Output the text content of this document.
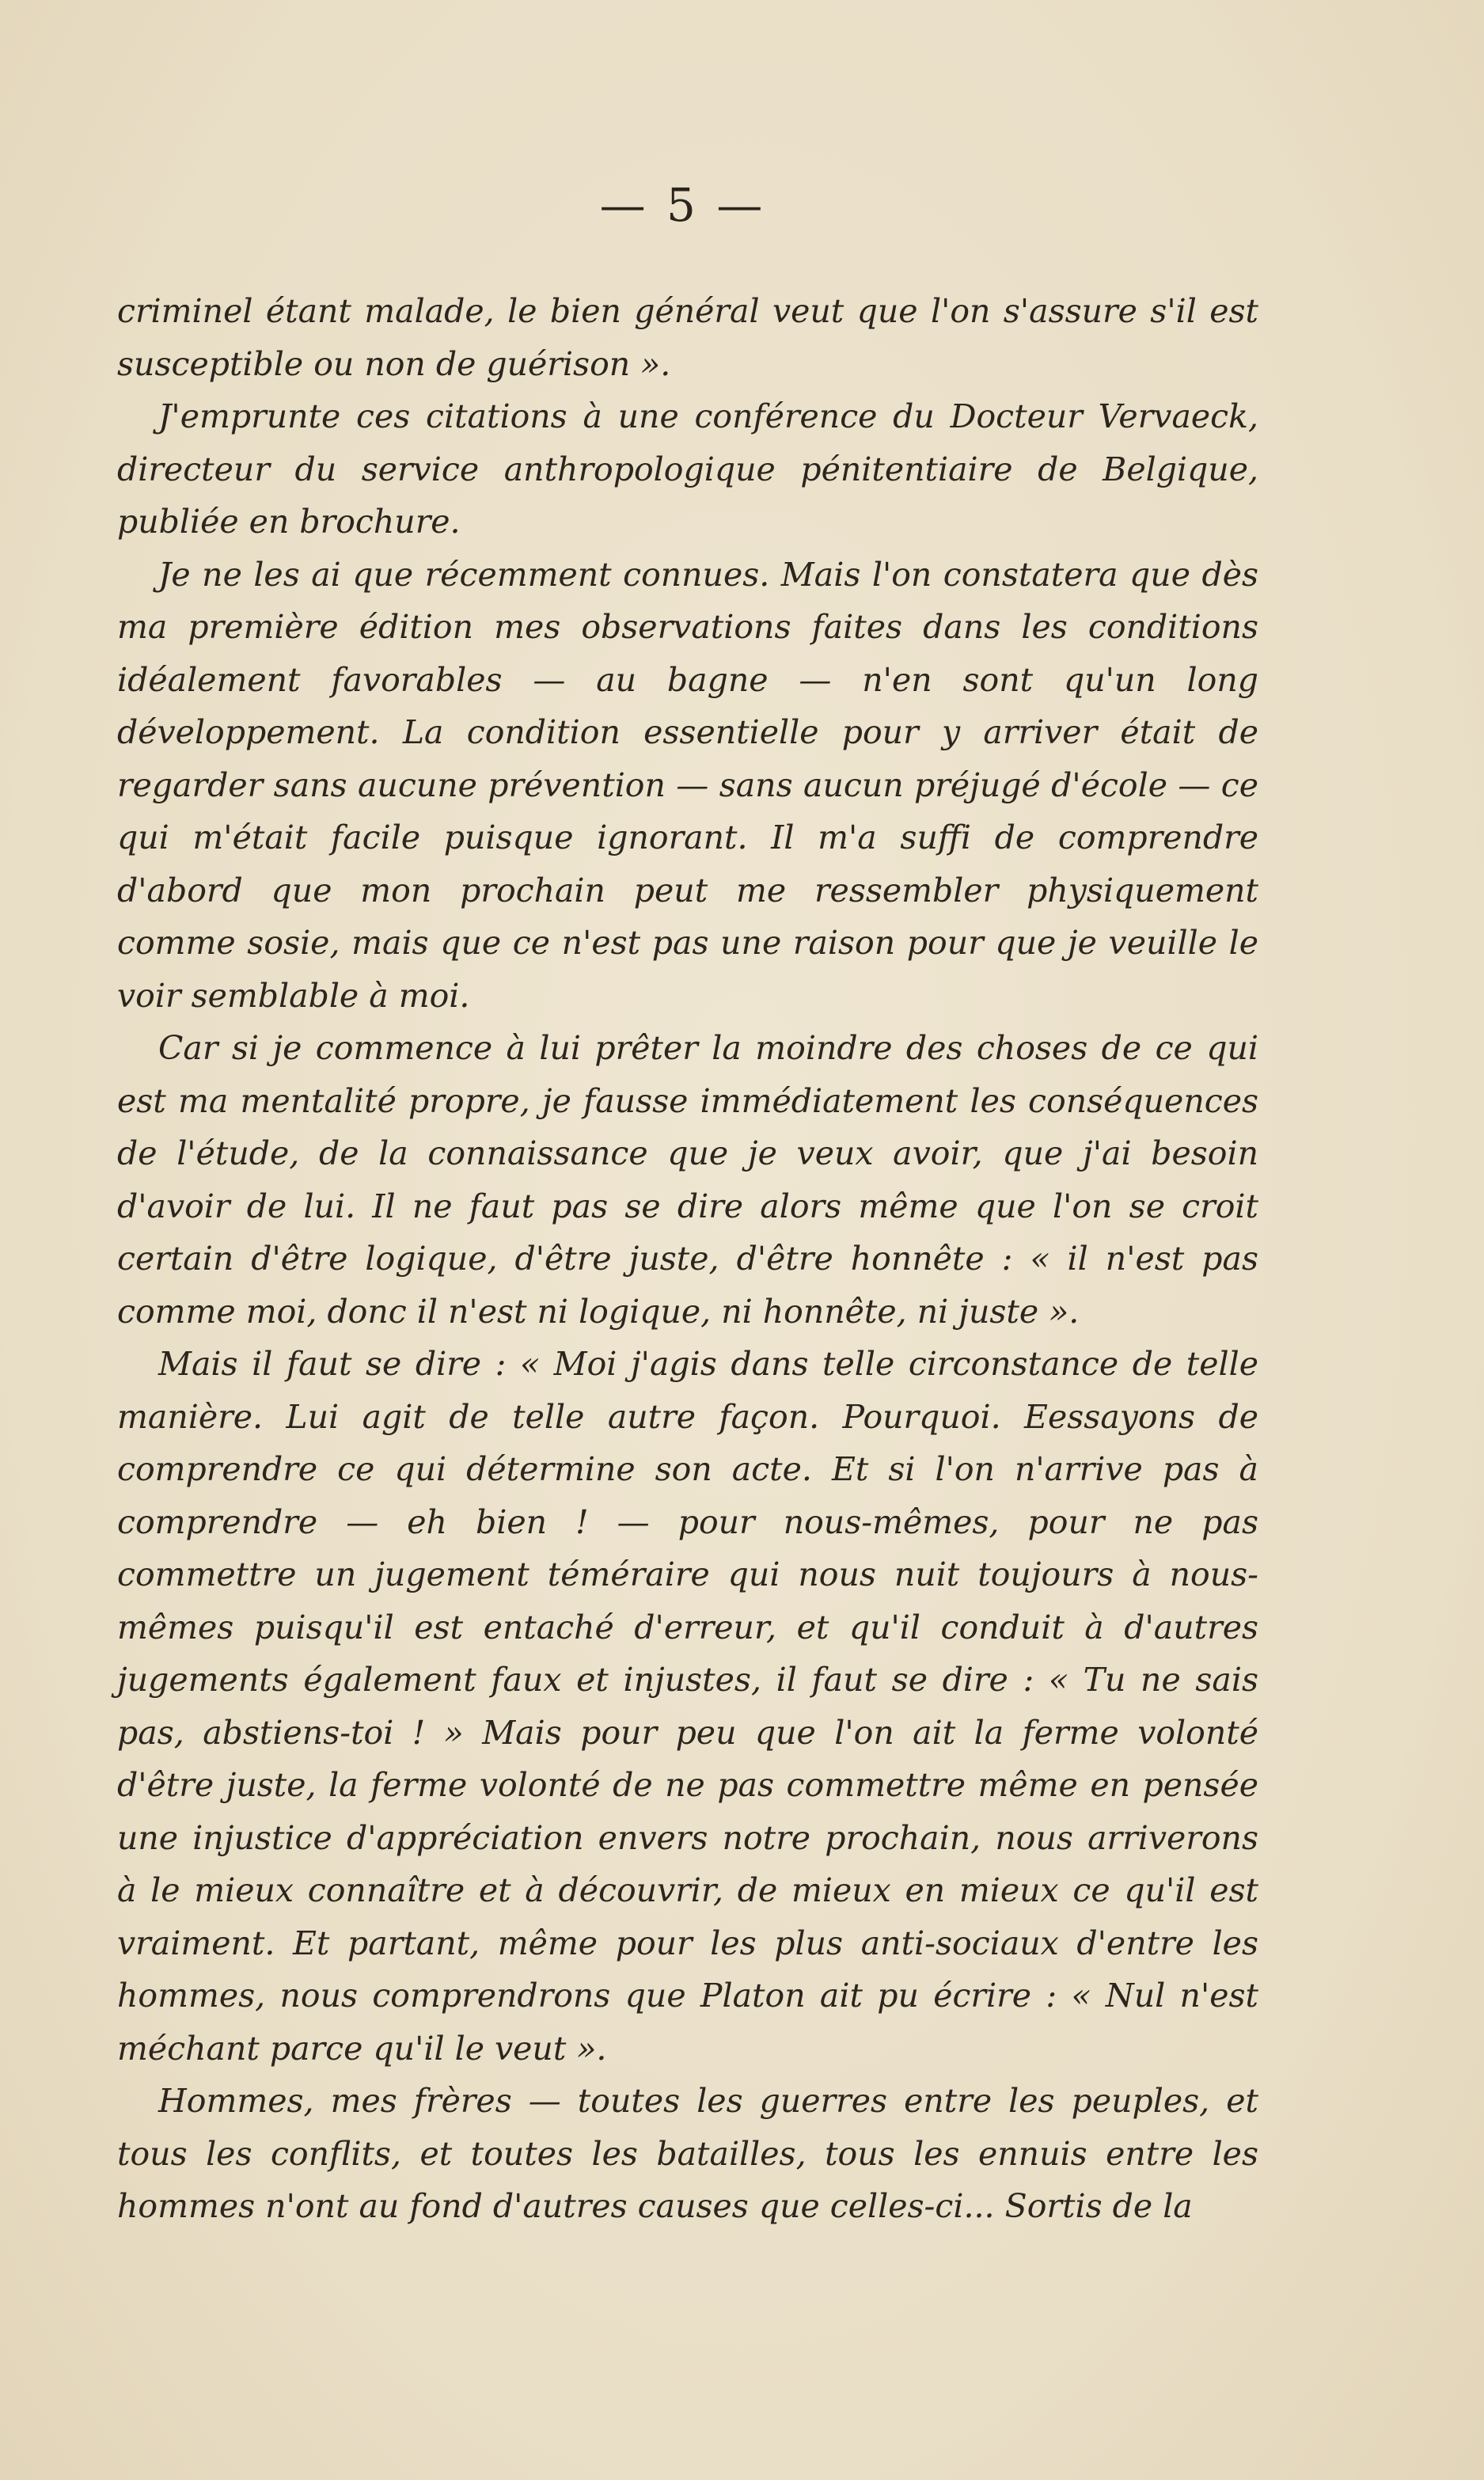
— 5 —

criminel étant malade, le bien général veut que l'on s'assure s'il est susceptible ou non de guérison ».

J'emprunte ces citations à une conférence du Docteur Vervaeck, directeur du service anthropologique pénitentiaire de Belgique, publiée en brochure.

Je ne les ai que récemment connues. Mais l'on constatera que dès ma première édition mes observations faites dans les conditions idéalement favorables — au bagne — n'en sont qu'un long développement. La condition essentielle pour y arriver était de regarder sans aucune prévention — sans aucun préjugé d'école — ce qui m'était facile puisque ignorant. Il m'a suffi de comprendre d'abord que mon prochain peut me ressembler physiquement comme sosie, mais que ce n'est pas une raison pour que je veuille le voir semblable à moi.

Car si je commence à lui prêter la moindre des choses de ce qui est ma mentalité propre, je fausse immédiatement les conséquences de l'étude, de la connaissance que je veux avoir, que j'ai besoin d'avoir de lui. Il ne faut pas se dire alors même que l'on se croit certain d'être logique, d'être juste, d'être honnête : « il n'est pas comme moi, donc il n'est ni logique, ni honnête, ni juste ».

Mais il faut se dire : « Moi j'agis dans telle circonstance de telle manière. Lui agit de telle autre façon. Pourquoi. Eessayons de comprendre ce qui détermine son acte. Et si l'on n'arrive pas à comprendre — eh bien ! — pour nous-mêmes, pour ne pas commettre un jugement téméraire qui nous nuit toujours à nous-mêmes puisqu'il est entaché d'erreur, et qu'il conduit à d'autres jugements également faux et injustes, il faut se dire : « Tu ne sais pas, abstiens-toi ! » Mais pour peu que l'on ait la ferme volonté d'être juste, la ferme volonté de ne pas commettre même en pensée une injustice d'appréciation envers notre prochain, nous arriverons à le mieux connaître et à découvrir, de mieux en mieux ce qu'il est vraiment. Et partant, même pour les plus anti-sociaux d'entre les hommes, nous comprendrons que Platon ait pu écrire : « Nul n'est méchant parce qu'il le veut ».

Hommes, mes frères — toutes les guerres entre les peuples, et tous les conflits, et toutes les batailles, tous les ennuis entre les hommes n'ont au fond d'autres causes que celles-ci... Sortis de la
